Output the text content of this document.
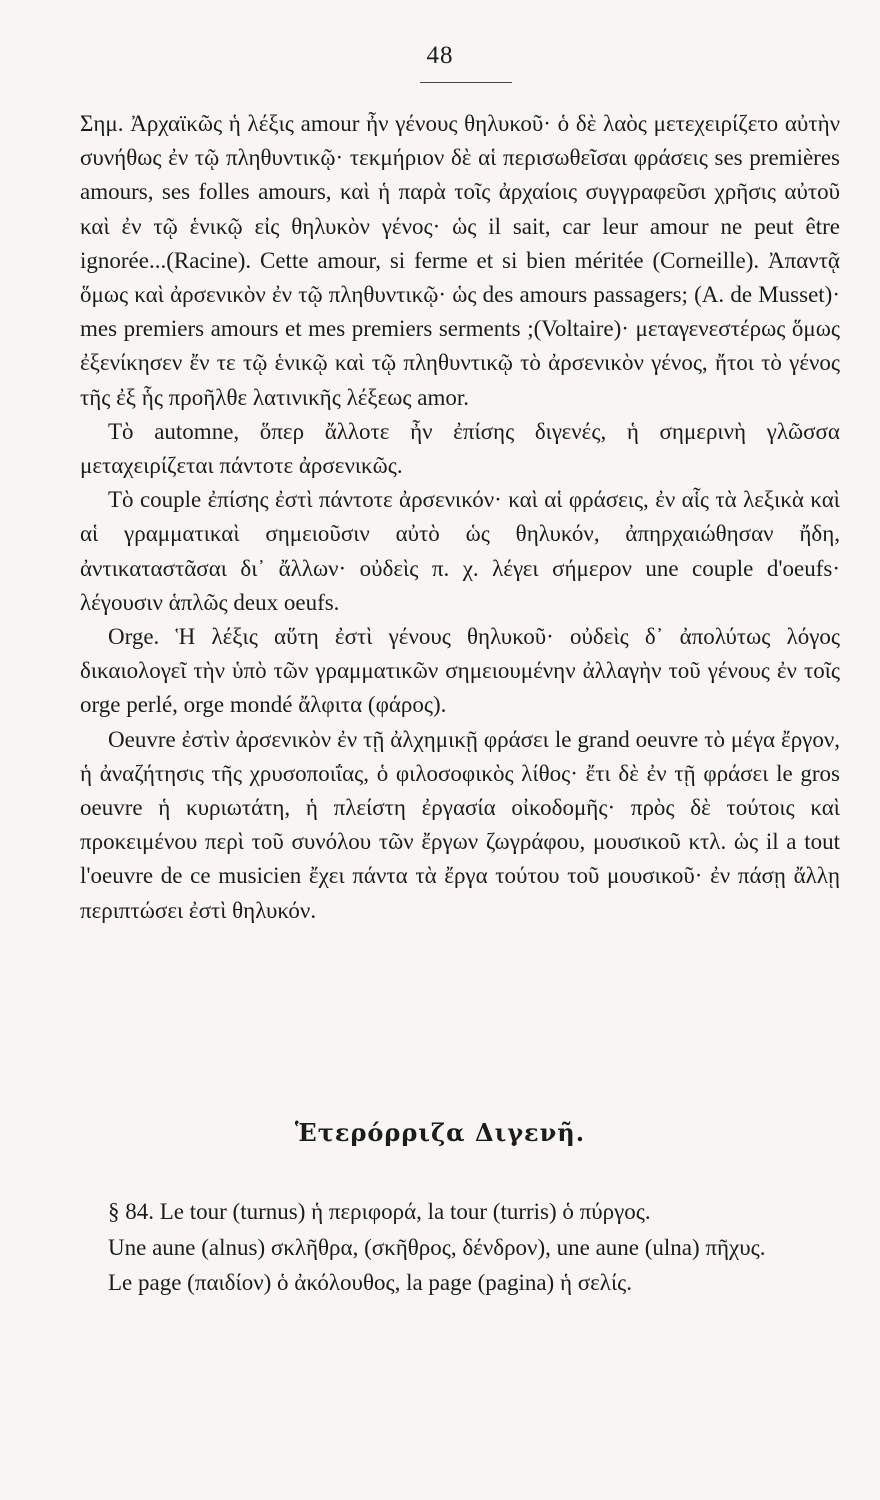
48

Σημ. Ἀρχαϊκῶς ἡ λέξις amour ἦν γένους θηλυκοῦ· ὁ δὲ λαὸς μετεχειρίζετο αὐτὴν συνήθως ἐν τῷ πληθυντικῷ· τεκμήριον δὲ αἱ περισωθεῖσαι φράσεις ses premières amours, ses folles amours, καὶ ἡ παρὰ τοῖς ἀρχαίοις συγγραφεῦσι χρῆσις αὐτοῦ καὶ ἐν τῷ ἑνικῷ εἰς θηλυκὸν γένος· ὡς il sait, car leur amour ne peut être ignorée...(Racine). Cette amour, si ferme et si bien méritée (Corneille). Ἀπαντᾷ ὅμως καὶ ἀρσενικὸν ἐν τῷ πληθυντικῷ· ὡς des amours passagers; (A. de Musset)· mes premiers amours et mes premiers serments ;(Voltaire)· μεταγενεστέρως ὅμως ἐξενίκησεν ἔν τε τῷ ἑνικῷ καὶ τῷ πληθυντικῷ τὸ ἀρσενικὸν γένος, ἤτοι τὸ γένος τῆς ἐξ ἧς προῆλθε λατινικῆς λέξεως amor.

Τὸ automne, ὅπερ ἄλλοτε ἦν ἐπίσης διγενές, ἡ σημερινὴ γλῶσσα μεταχειρίζεται πάντοτε ἀρσενικῶς.

Τὸ couple ἐπίσης ἐστὶ πάντοτε ἀρσενικόν· καὶ αἱ φράσεις, ἐν αἷς τὰ λεξικὰ καὶ αἱ γραμματικαὶ σημειοῦσιν αὐτὸ ὡς θηλυκόν, ἀπηρχαιώθησαν ἤδη, ἀντικαταστᾶσαι δι᾽ ἄλλων· οὐδεὶς π. χ. λέγει σήμερον une couple d'oeufs· λέγουσιν ἁπλῶς deux oeufs.

Orge. Ἡ λέξις αὕτη ἐστὶ γένους θηλυκοῦ· οὐδεὶς δ᾽ ἀπολύτως λόγος δικαιολογεῖ τὴν ὑπὸ τῶν γραμματικῶν σημειουμένην ἀλλαγὴν τοῦ γένους ἐν τοῖς orge perlé, orge mondé ἄλφιτα (φάρος).

Oeuvre ἐστὶν ἀρσενικὸν ἐν τῇ ἀλχημικῇ φράσει le grand oeuvre τὸ μέγα ἔργον, ἡ ἀναζήτησις τῆς χρυσοποιΐας, ὁ φιλοσοφικὸς λίθος· ἔτι δὲ ἐν τῇ φράσει le gros oeuvre ἡ κυριωτάτη, ἡ πλείστη ἐργασία οἰκοδομῆς· πρὸς δὲ τούτοις καὶ προκειμένου περὶ τοῦ συνόλου τῶν ἔργων ζωγράφου, μουσικοῦ κτλ. ὡς il a tout l'oeuvre de ce musicien ἔχει πάντα τὰ ἔργα τούτου τοῦ μουσικοῦ· ἐν πάσῃ ἄλλῃ περιπτώσει ἐστὶ θηλυκόν.

Ἑτερόρριζα Διγενῆ.

§ 84. Le tour (turnus) ἡ περιφορά, la tour (turris) ὁ πύργος.

Une aune (alnus) σκλῆθρα, (σκῆθρος, δένδρον), une aune (ulna) πῆχυς.

Le page (παιδίον) ὁ ἀκόλουθος, la page (pagina) ἡ σελίς.
